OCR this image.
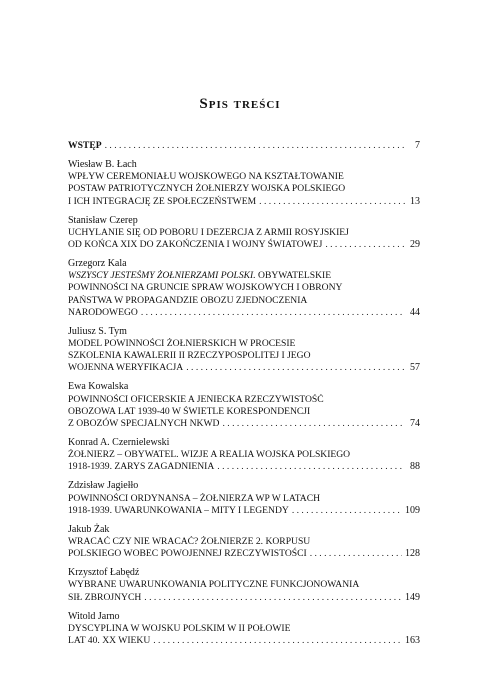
Spis treści
WSTĘP . . .	7
Wiesław B. Łach
WPŁYW CEREMONIAŁU WOJSKOWEGO NA KSZTAŁTOWANIE
POSTAW PATRIOTYCZNYCH ŻOŁNIERZY WOJSKA POLSKIEGO
I ICH INTEGRACJĘ ZE SPOŁECZEŃSTWEM . . .	13
Stanisław Czerep
UCHYLANIE SIĘ OD POBORU I DEZERCJA Z ARMII ROSYJSKIEJ
OD KOŃCA XIX DO ZAKOŃCZENIA I WOJNY ŚWIATOWEJ . . .	29
Grzegorz Kala
WSZYSCY JESTEŚMY ŻOŁNIERZAMI POLSKI. OBYWATELSKIE
POWINNOŚCI NA GRUNCIE SPRAW WOJSKOWYCH I OBRONY
PAŃSTWA W PROPAGANDZIE OBOZU ZJEDNOCZENIA
NARODOWEGO . . .	44
Juliusz S. Tym
MODEL POWINNOŚCI ŻOŁNIERSKICH W PROCESIE
SZKOLENIA KAWALERII II RZECZYPOSPOLITEJ I JEGO
WOJENNA WERYFIKACJA . . .	57
Ewa Kowalska
POWINNOŚCI OFICERSKIE A JENIECKA RZECZYWISTOŚĆ
OBOZOWA LAT 1939-40 W ŚWIETLE KORESPONDENCJI
Z OBOZÓW SPECJALNYCH NKWD . . .	74
Konrad A. Czernielewski
ŻOŁNIERZ – OBYWATEL. WIZJE A REALIA WOJSKA POLSKIEGO
1918-1939. ZARYS ZAGADNIENIA . . .	88
Zdzisław Jagiełło
POWINNOŚCI ORDYNANSA – ŻOŁNIERZA WP W LATACH
1918-1939. UWARUNKOWANIA – MITY I LEGENDY . . .	109
Jakub Żak
WRACAĆ CZY NIE WRACAĆ? ŻOŁNIERZE 2. KORPUSU
POLSKIEGO WOBEC POWOJENNEJ RZECZYWISTOŚCI . . .	128
Krzysztof Łabędź
WYBRANE UWARUNKOWANIA POLITYCZNE FUNKCJONOWANIA
SIŁ ZBROJNYCH . . .	149
Witold Jarno
DYSCYPLINA W WOJSKU POLSKIM W II POŁOWIE
LAT 40. XX WIEKU . . .	163
